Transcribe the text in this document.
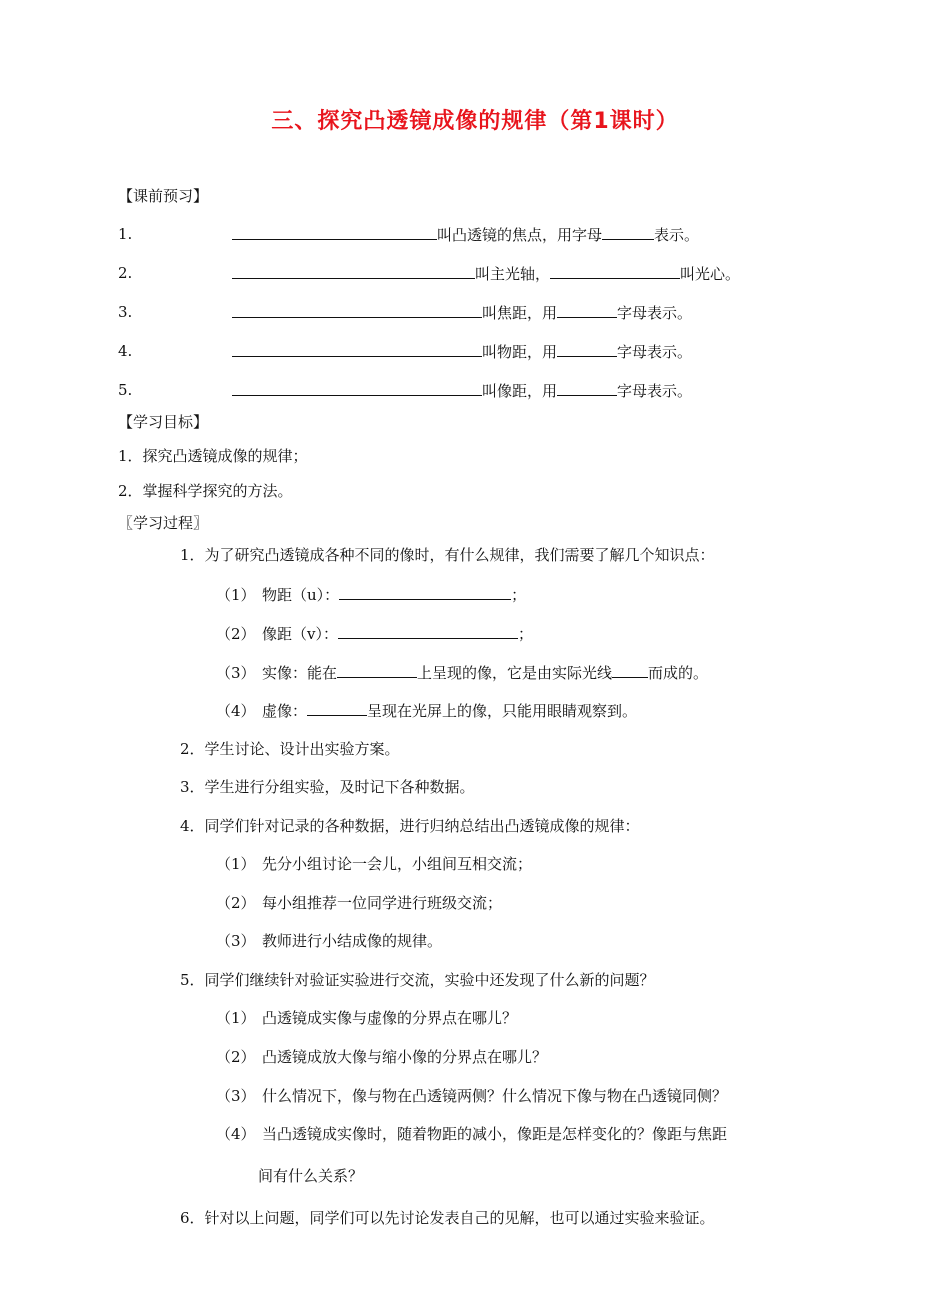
三、探究凸透镜成像的规律（第1课时）
【课前预习】
1.	叫凸透镜的焦点，用字母	表示。
2.	叫主光轴，	叫光心。
3.	叫焦距，用	字母表示。
4.	叫物距，用	字母表示。
5.	叫像距，用	字母表示。
【学习目标】
1．探究凸透镜成像的规律；
2．掌握科学探究的方法。
〖学习过程〗
1．为了研究凸透镜成各种不同的像时，有什么规律，我们需要了解几个知识点：
（1） 物距（u）：	；
（2） 像距（v）：	；
（3） 实像：能在	上呈现的像，它是由实际光线 而成的。
（4） 虚像：	呈现在光屏上的像，只能用眼睛观察到。
2．学生讨论、设计出实验方案。
3．学生进行分组实验，及时记下各种数据。
4．同学们针对记录的各种数据，进行归纳总结出凸透镜成像的规律：
（1） 先分小组讨论一会儿，小组间互相交流；
（2） 每小组推荐一位同学进行班级交流；
（3） 教师进行小结成像的规律。
5．同学们继续针对验证实验进行交流，实验中还发现了什么新的问题？
（1） 凸透镜成实像与虚像的分界点在哪儿？
（2） 凸透镜成放大像与缩小像的分界点在哪儿？
（3） 什么情况下，像与物在凸透镜两侧？什么情况下像与物在凸透镜同侧？
（4） 当凸透镜成实像时，随着物距的减小，像距是怎样变化的？像距与焦距
间有什么关系？
6．针对以上问题，同学们可以先讨论发表自己的见解，也可以通过实验来验证。
